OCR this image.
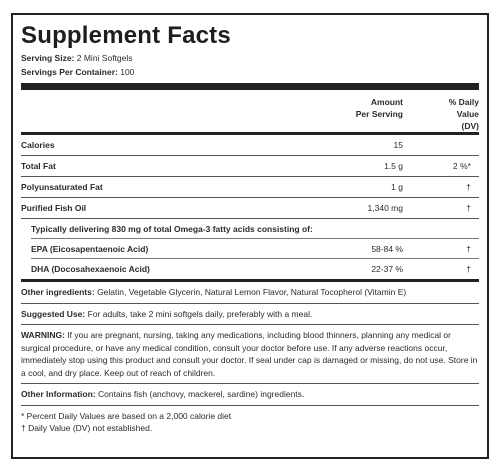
Supplement Facts
Serving Size: 2 Mini Softgels
Servings Per Container: 100
Amount
Per Serving
% Daily
Value
(DV)
Calories	15
Total Fat	1.5 g	2 %*
Polyunsaturated Fat	1 g	†
Purified Fish Oil	1,340 mg	†
Typically delivering 830 mg of total Omega-3 fatty acids consisting of:
EPA (Eicosapentaenoic Acid)	58-84 %	†
DHA (Docosahexaenoic Acid)	22-37 %	†
Other ingredients: Gelatin, Vegetable Glycerin, Natural Lemon Flavor, Natural Tocopherol (Vitamin E)
Suggested Use: For adults, take 2 mini softgels daily, preferably with a meal.
WARNING: If you are pregnant, nursing, taking any medications, including blood thinners, planning any medical or surgical procedure, or have any medical condition, consult your doctor before use. If any adverse reactions occur, immediately stop using this product and consult your doctor. If seal under cap is damaged or missing, do not use. Store in a cool, and dry place. Keep out of reach of children.
Other Information: Contains fish (anchovy, mackerel, sardine) ingredients.
* Percent Daily Values are based on a 2,000 calorie diet
† Daily Value (DV) not established.
